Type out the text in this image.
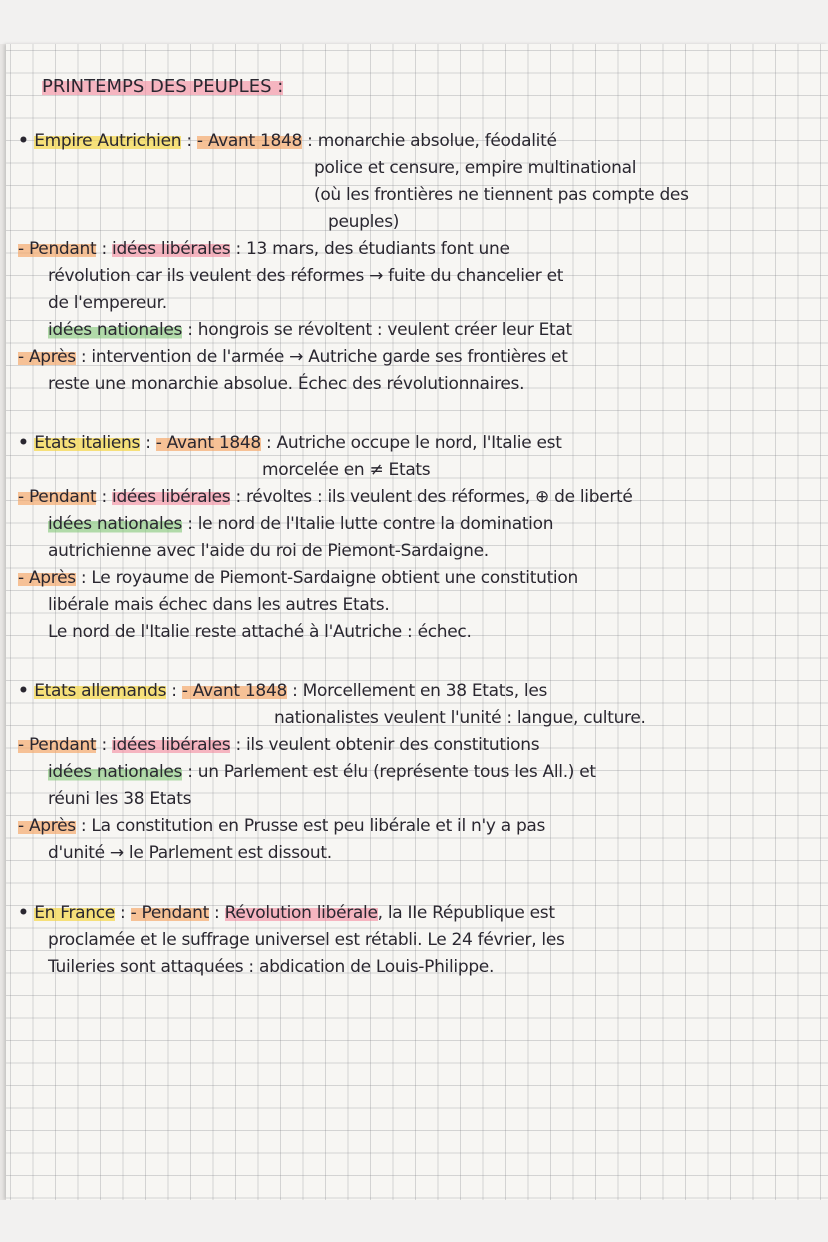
PRINTEMPS DES PEUPLES :
• Empire Autrichien : - Avant 1848 : monarchie absolue, féodalité
police et censure, empire multinational
(où les frontières ne tiennent pas compte des
peuples)
- Pendant : idées libérales : 13 mars, des étudiants font une
révolution car ils veulent des réformes → fuite du chancelier et
de l'empereur.
idées nationales : hongrois se révoltent : veulent créer leur Etat
- Après : intervention de l'armée → Autriche garde ses frontières et
reste une monarchie absolue. Échec des révolutionnaires.
• Etats italiens : - Avant 1848 : Autriche occupe le nord, l'Italie est
morcelée en ≠ Etats
- Pendant : idées libérales : révoltes : ils veulent des réformes, ⊕ de liberté
idées nationales : le nord de l'Italie lutte contre la domination
autrichienne avec l'aide du roi de Piemont-Sardaigne.
- Après : Le royaume de Piemont-Sardaigne obtient une constitution
libérale mais échec dans les autres Etats.
Le nord de l'Italie reste attaché à l'Autriche : échec.
• Etats allemands : - Avant 1848 : Morcellement en 38 Etats, les
nationalistes veulent l'unité : langue, culture.
- Pendant : idées libérales : ils veulent obtenir des constitutions
idées nationales : un Parlement est élu (représente tous les All.) et
réuni les 38 Etats
- Après : La constitution en Prusse est peu libérale et il n'y a pas
d'unité → le Parlement est dissout.
• En France : - Pendant : Révolution libérale, la IIe République est
proclamée et le suffrage universel est rétabli. Le 24 février, les
Tuileries sont attaquées : abdication de Louis-Philippe.
